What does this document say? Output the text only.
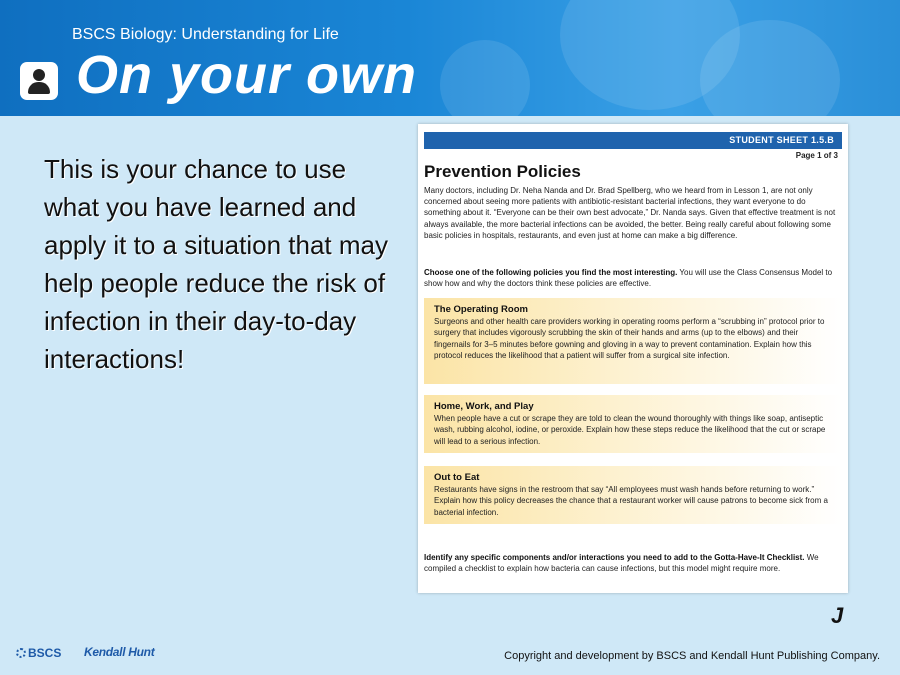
BSCS Biology: Understanding for Life
On your own
This is your chance to use what you have learned and apply it to a situation that may help people reduce the risk of infection in their day-to-day interactions!
STUDENT SHEET 1.5.B
Page 1 of 3
Prevention Policies
Many doctors, including Dr. Neha Nanda and Dr. Brad Spellberg, who we heard from in Lesson 1, are not only concerned about seeing more patients with antibiotic-resistant bacterial infections, they want everyone to do something about it. “Everyone can be their own best advocate,” Dr. Nanda says. Given that effective treatment is not always available, the more bacterial infections can be avoided, the better. Being really careful about following some basic policies in hospitals, restaurants, and even just at home can make a big difference.
Choose one of the following policies you find the most interesting. You will use the Class Consensus Model to show how and why the doctors think these policies are effective.
The Operating Room
Surgeons and other health care providers working in operating rooms perform a “scrubbing in” protocol prior to surgery that includes vigorously scrubbing the skin of their hands and arms (up to the elbows) and their fingernails for 3–5 minutes before gowning and gloving in a way to prevent contamination. Explain how this protocol reduces the likelihood that a patient will suffer from a surgical site infection.
Home, Work, and Play
When people have a cut or scrape they are told to clean the wound thoroughly with things like soap, antiseptic wash, rubbing alcohol, iodine, or peroxide. Explain how these steps reduce the likelihood that the cut or scrape will lead to a serious infection.
Out to Eat
Restaurants have signs in the restroom that say “All employees must wash hands before returning to work.” Explain how this policy decreases the chance that a restaurant worker will cause patrons to become sick from a bacterial infection.
Identify any specific components and/or interactions you need to add to the Gotta-Have-It Checklist. We compiled a checklist to explain how bacteria can cause infections, but this model might require more.
J
BSCS Kendall Hunt	Copyright and development by BSCS and Kendall Hunt Publishing Company.
